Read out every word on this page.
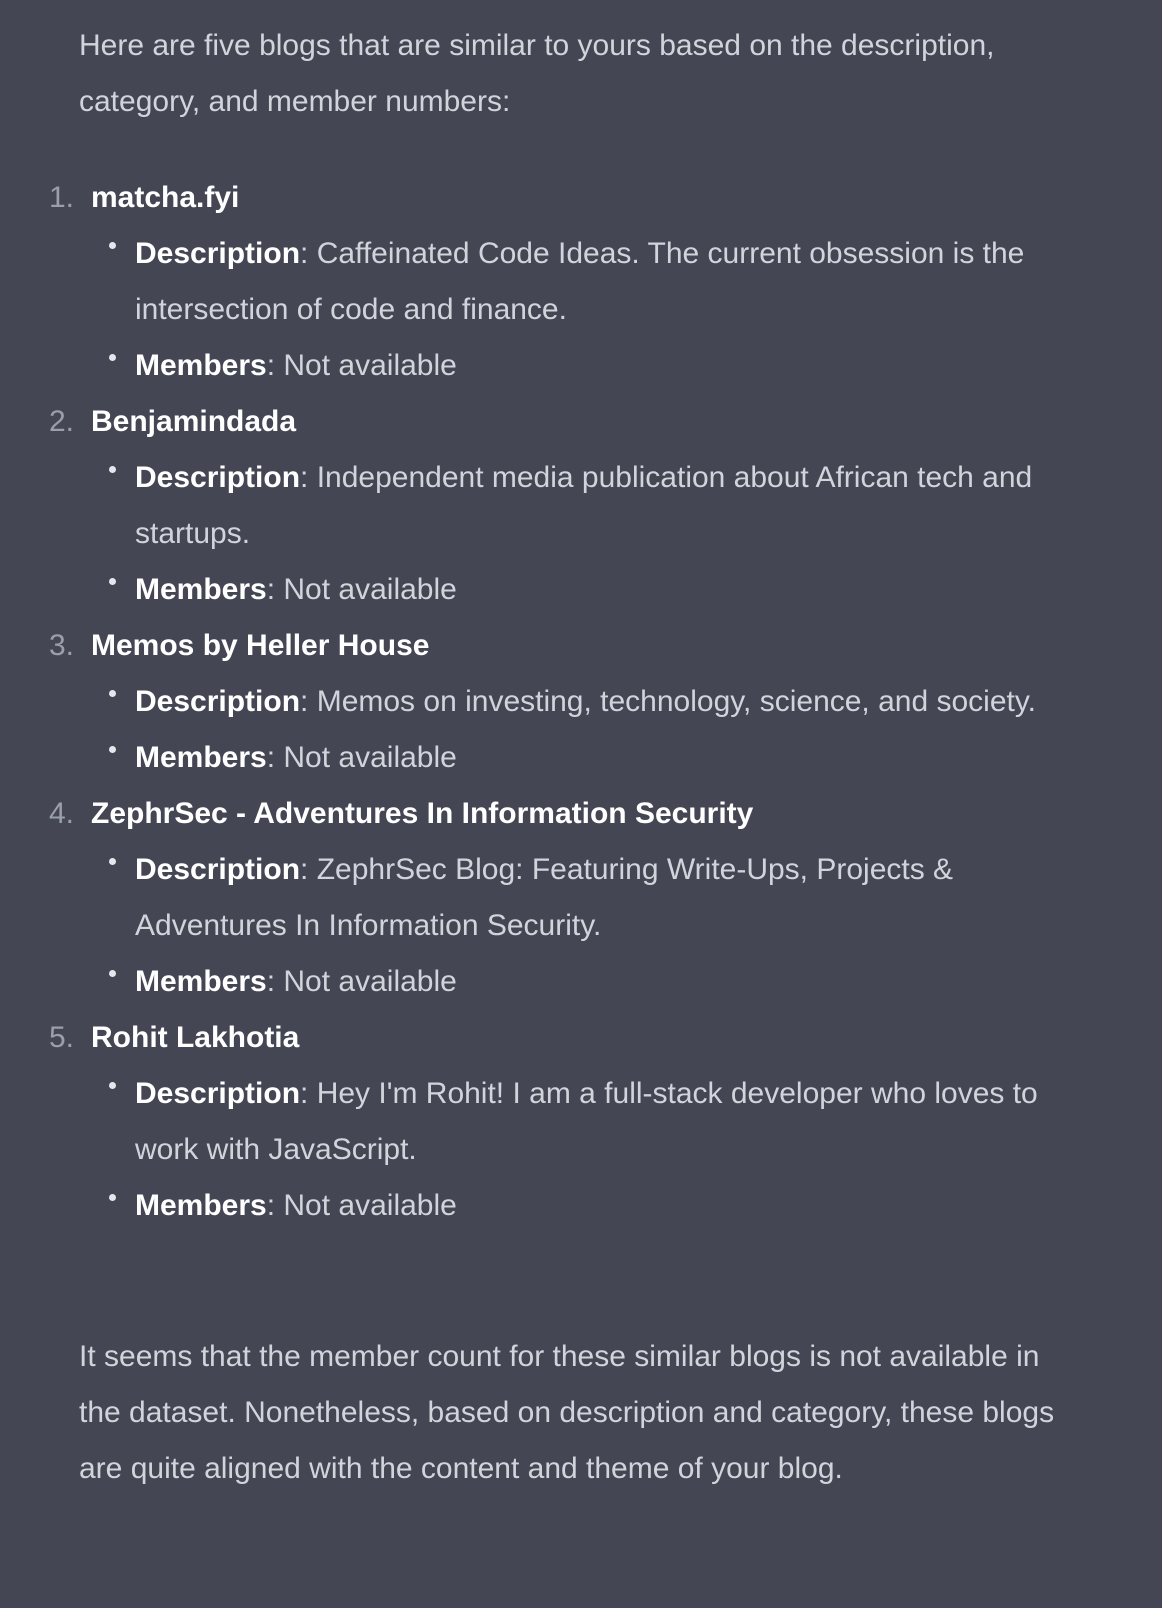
Here are five blogs that are similar to yours based on the description, category, and member numbers:

1. matcha.fyi
Description: Caffeinated Code Ideas. The current obsession is the intersection of code and finance.
Members: Not available
2. Benjamindada
Description: Independent media publication about African tech and startups.
Members: Not available
3. Memos by Heller House
Description: Memos on investing, technology, science, and society.
Members: Not available
4. ZephrSec - Adventures In Information Security
Description: ZephrSec Blog: Featuring Write-Ups, Projects & Adventures In Information Security.
Members: Not available
5. Rohit Lakhotia
Description: Hey I'm Rohit! I am a full-stack developer who loves to work with JavaScript.
Members: Not available

It seems that the member count for these similar blogs is not available in the dataset. Nonetheless, based on description and category, these blogs are quite aligned with the content and theme of your blog.
